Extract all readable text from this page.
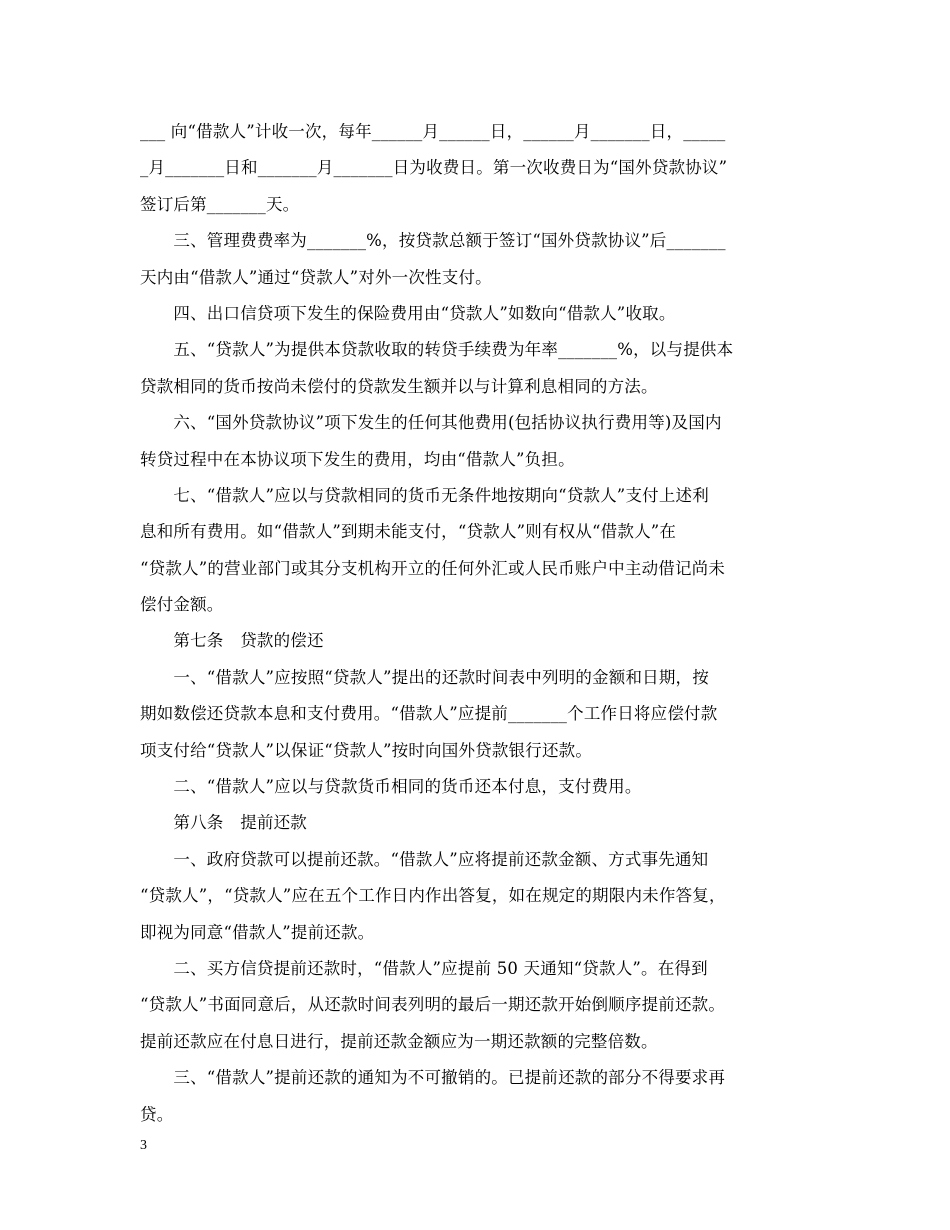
___ 向“借款人”计收一次，每年______月______日，______月_______日，_____
_月_______日和_______月_______日为收费日。第一次收费日为“国外贷款协议”
签订后第_______天。
　　三、管理费费率为_______%，按贷款总额于签订“国外贷款协议”后_______
天内由“借款人”通过“贷款人”对外一次性支付。
　　四、出口信贷项下发生的保险费用由“贷款人”如数向“借款人”收取。
　　五、“贷款人”为提供本贷款收取的转贷手续费为年率_______%，以与提供本
贷款相同的货币按尚未偿付的贷款发生额并以与计算利息相同的方法。
　　六、“国外贷款协议”项下发生的任何其他费用(包括协议执行费用等)及国内
转贷过程中在本协议项下发生的费用，均由“借款人”负担。
　　七、“借款人”应以与贷款相同的货币无条件地按期向“贷款人”支付上述利
息和所有费用。如“借款人”到期未能支付，“贷款人”则有权从“借款人”在
“贷款人”的营业部门或其分支机构开立的任何外汇或人民币账户中主动借记尚未
偿付金额。
　　第七条　贷款的偿还
　　一、“借款人”应按照“贷款人”提出的还款时间表中列明的金额和日期，按
期如数偿还贷款本息和支付费用。“借款人”应提前_______个工作日将应偿付款
项支付给“贷款人”以保证“贷款人”按时向国外贷款银行还款。
　　二、“借款人”应以与贷款货币相同的货币还本付息，支付费用。
　　第八条　提前还款
　　一、政府贷款可以提前还款。“借款人”应将提前还款金额、方式事先通知
“贷款人”，“贷款人”应在五个工作日内作出答复，如在规定的期限内未作答复，
即视为同意“借款人”提前还款。
　　二、买方信贷提前还款时，“借款人”应提前 50 天通知“贷款人”。在得到
“贷款人”书面同意后，从还款时间表列明的最后一期还款开始倒顺序提前还款。
提前还款应在付息日进行，提前还款金额应为一期还款额的完整倍数。
　　三、“借款人”提前还款的通知为不可撤销的。已提前还款的部分不得要求再
贷。
3
